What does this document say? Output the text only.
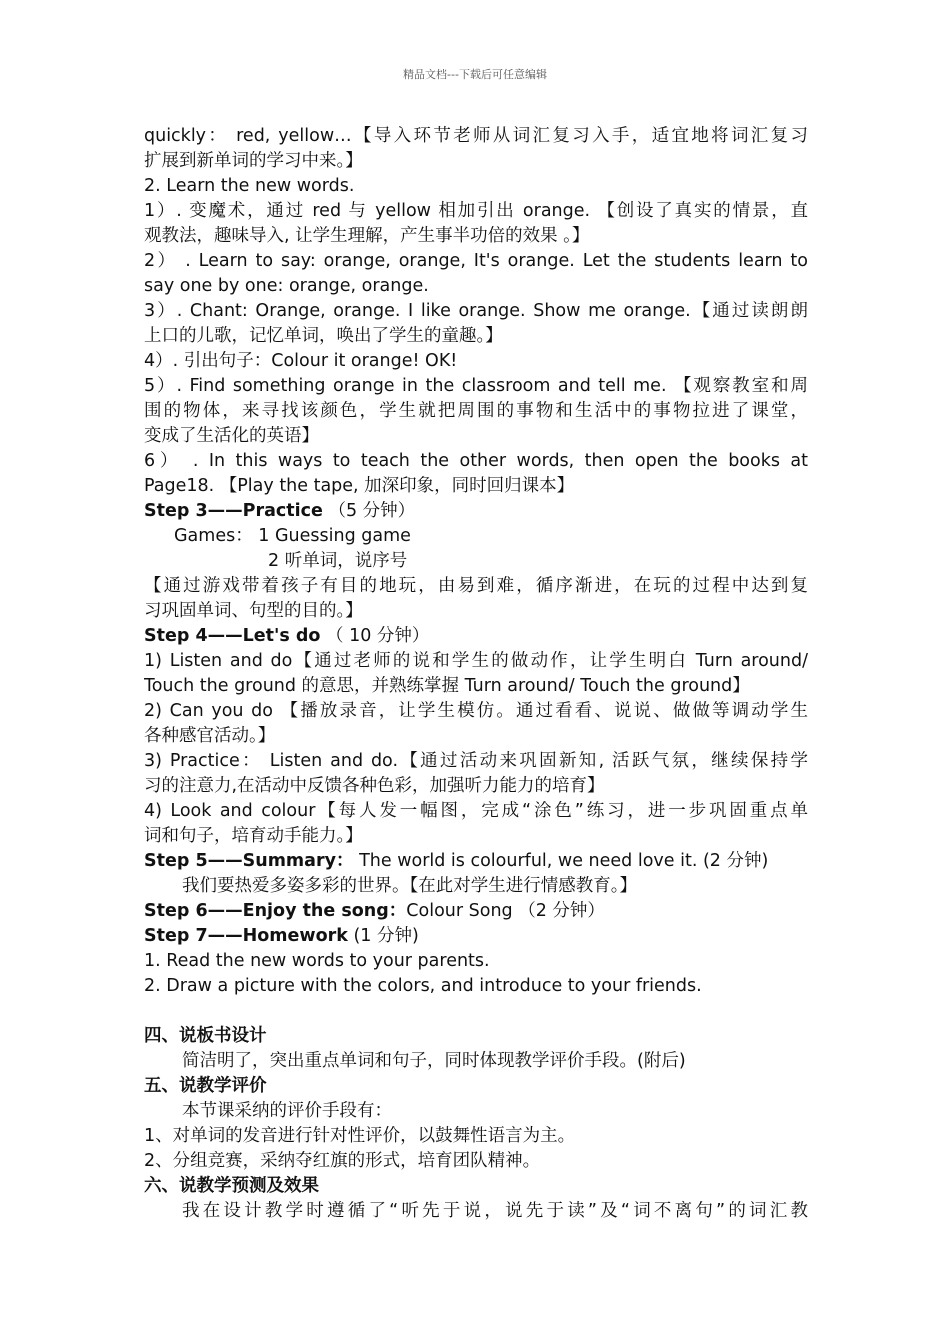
精品文档---下载后可任意编辑
quickly： red, yellow…【导入环节老师从词汇复习入手，适宜地将词汇复习
扩展到新单词的学习中来。】
2. Learn the new words.
1）. 变魔术，通过 red 与 yellow 相加引出 orange. 【创设了真实的情景，直
观教法，趣味导入, 让学生理解，产生事半功倍的效果 。】
2） . Learn to say: orange, orange, It's orange. Let the students learn to
say one by one: orange, orange.
3）. Chant: Orange, orange. I like orange. Show me orange.【通过读朗朗
上口的儿歌，记忆单词，唤出了学生的童趣。】
4）. 引出句子：Colour it orange! OK!
5）. Find something orange in the classroom and tell me. 【观察教室和周
围的物体，来寻找该颜色，学生就把周围的事物和生活中的事物拉进了课堂，
变成了生活化的英语】
6） . In this ways to teach the other words, then open the books at
Page18. 【Play the tape, 加深印象，同时回归课本】
Step 3——Practice （5 分钟）
Games： 1 Guessing game
2 听单词，说序号
【通过游戏带着孩子有目的地玩，由易到难，循序渐进，在玩的过程中达到复
习巩固单词、句型的目的。】
Step 4——Let's do （ 10 分钟）
1) Listen and do【通过老师的说和学生的做动作，让学生明白 Turn around/
Touch the ground 的意思，并熟练掌握 Turn around/ Touch the ground】
2) Can you do 【播放录音，让学生模仿。通过看看、说说、做做等调动学生
各种感官活动。】
3) Practice： Listen and do.【通过活动来巩固新知, 活跃气氛，继续保持学
习的注意力,在活动中反馈各种色彩，加强听力能力的培育】
4) Look and colour【每人发一幅图，完成“涂色”练习，进一步巩固重点单
词和句子，培育动手能力。】
Step 5——Summary： The world is colourful, we need love it. (2 分钟)
我们要热爱多姿多彩的世界。【在此对学生进行情感教育。】
Step 6——Enjoy the song：Colour Song （2 分钟）
Step 7——Homework (1 分钟)
1. Read the new words to your parents.
2. Draw a picture with the colors, and introduce to your friends.
四、说板书设计
简洁明了，突出重点单词和句子，同时体现教学评价手段。(附后)
五、说教学评价
本节课采纳的评价手段有：
1、对单词的发音进行针对性评价，以鼓舞性语言为主。
2、分组竞赛，采纳夺红旗的形式，培育团队精神。
六、说教学预测及效果
我在设计教学时遵循了“听先于说，说先于读”及“词不离句”的词汇教
